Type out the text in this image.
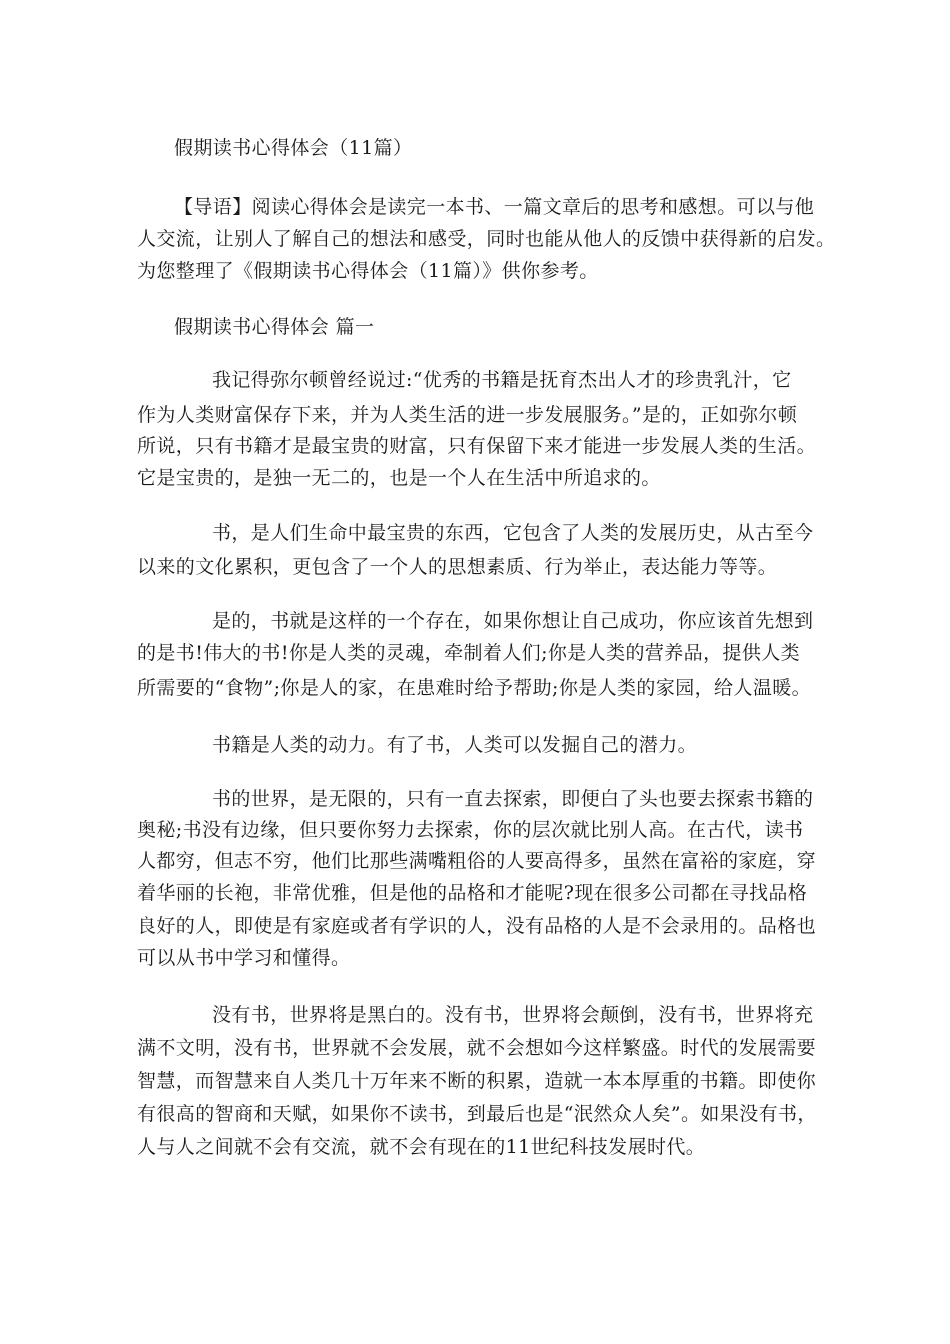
假期读书心得体会（11篇）
【导语】阅读心得体会是读完一本书、一篇文章后的思考和感想。可以与他
人交流，让别人了解自己的想法和感受，同时也能从他人的反馈中获得新的启发。
为您整理了《假期读书心得体会（11篇）》供你参考。
假期读书心得体会 篇一
我记得弥尔顿曾经说过:“优秀的书籍是抚育杰出人才的珍贵乳汁，它
作为人类财富保存下来，并为人类生活的进一步发展服务。”是的，正如弥尔顿
所说，只有书籍才是最宝贵的财富，只有保留下来才能进一步发展人类的生活。
它是宝贵的，是独一无二的，也是一个人在生活中所追求的。
书，是人们生命中最宝贵的东西，它包含了人类的发展历史，从古至今
以来的文化累积，更包含了一个人的思想素质、行为举止，表达能力等等。
是的，书就是这样的一个存在，如果你想让自己成功，你应该首先想到
的是书!伟大的书!你是人类的灵魂，牵制着人们;你是人类的营养品，提供人类
所需要的“食物”;你是人的家，在患难时给予帮助;你是人类的家园，给人温暖。
书籍是人类的动力。有了书，人类可以发掘自己的潜力。
书的世界，是无限的，只有一直去探索，即便白了头也要去探索书籍的
奥秘;书没有边缘，但只要你努力去探索，你的层次就比别人高。在古代，读书
人都穷，但志不穷，他们比那些满嘴粗俗的人要高得多，虽然在富裕的家庭，穿
着华丽的长袍，非常优雅，但是他的品格和才能呢?现在很多公司都在寻找品格
良好的人，即使是有家庭或者有学识的人，没有品格的人是不会录用的。品格也
可以从书中学习和懂得。
没有书，世界将是黑白的。没有书，世界将会颠倒，没有书，世界将充
满不文明，没有书，世界就不会发展，就不会想如今这样繁盛。时代的发展需要
智慧，而智慧来自人类几十万年来不断的积累，造就一本本厚重的书籍。即使你
有很高的智商和天赋，如果你不读书，到最后也是“泯然众人矣”。如果没有书，
人与人之间就不会有交流，就不会有现在的11世纪科技发展时代。
